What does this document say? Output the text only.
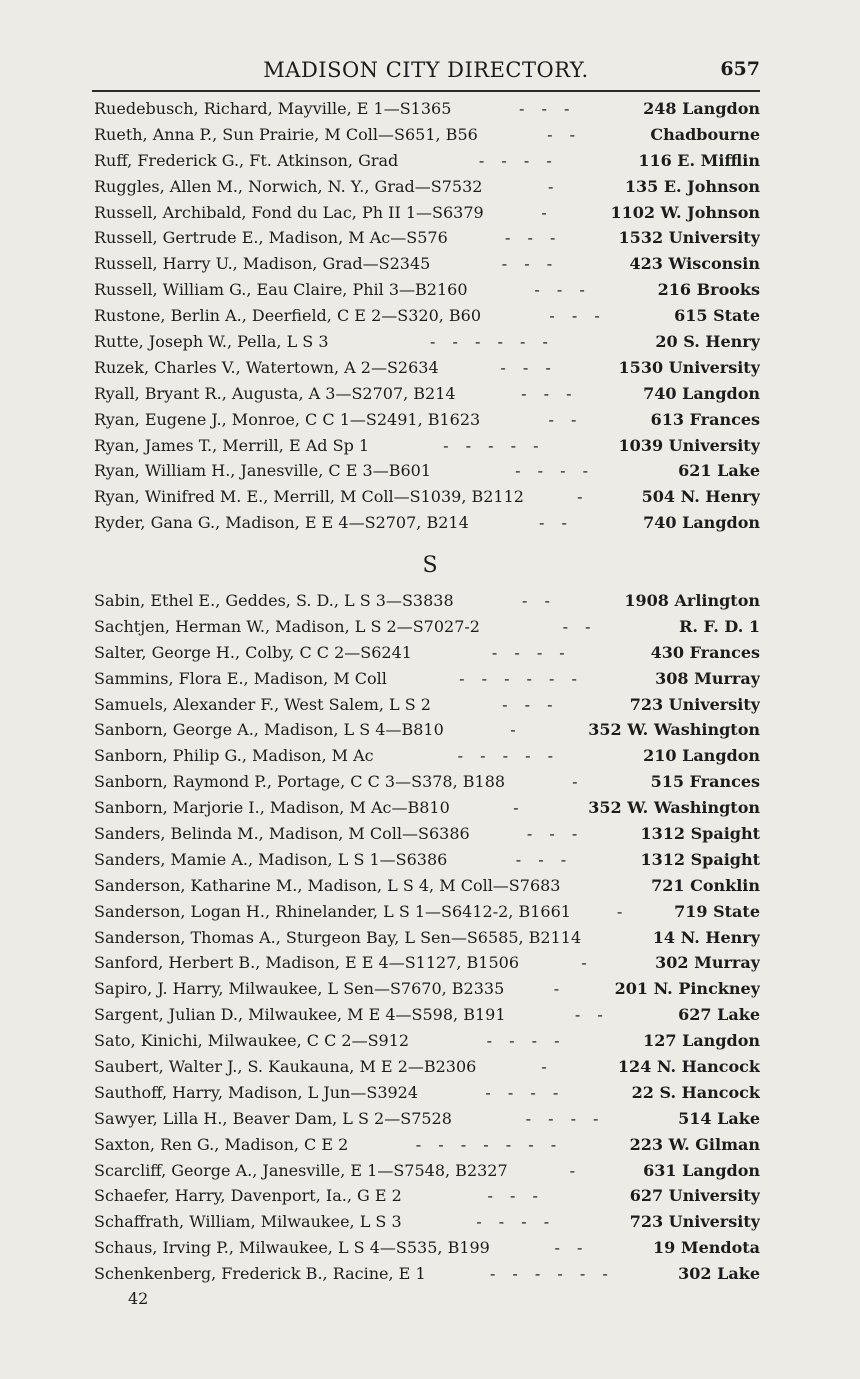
MADISON CITY DIRECTORY.	657
Ruedebusch, Richard, Mayville, E 1—S1365	- - -	248 Langdon
Rueth, Anna P., Sun Prairie, M Coll—S651, B56	- -	Chadbourne
Ruff, Frederick G., Ft. Atkinson, Grad	- - - -	116 E. Mifflin
Ruggles, Allen M., Norwich, N. Y., Grad—S7532	-	135 E. Johnson
Russell, Archibald, Fond du Lac, Ph II 1—S6379	-	1102 W. Johnson
Russell, Gertrude E., Madison, M Ac—S576	- - -	1532 University
Russell, Harry U., Madison, Grad—S2345	- - -	423 Wisconsin
Russell, William G., Eau Claire, Phil 3—B2160	- - -	216 Brooks
Rustone, Berlin A., Deerfield, C E 2—S320, B60	- - -	615 State
Rutte, Joseph W., Pella, L S 3	- - - - - -	20 S. Henry
Ruzek, Charles V., Watertown, A 2—S2634	- - -	1530 University
Ryall, Bryant R., Augusta, A 3—S2707, B214	- - -	740 Langdon
Ryan, Eugene J., Monroe, C C 1—S2491, B1623	- -	613 Frances
Ryan, James T., Merrill, E Ad Sp 1	- - - - -	1039 University
Ryan, William H., Janesville, C E 3—B601	- - - -	621 Lake
Ryan, Winifred M. E., Merrill, M Coll—S1039, B2112	-	504 N. Henry
Ryder, Gana G., Madison, E E 4—S2707, B214	- -	740 Langdon
S
Sabin, Ethel E., Geddes, S. D., L S 3—S3838	- -	1908 Arlington
Sachtjen, Herman W., Madison, L S 2—S7027-2	- -	R. F. D. 1
Salter, George H., Colby, C C 2—S6241	- - - -	430 Frances
Sammins, Flora E., Madison, M Coll	- - - - - -	308 Murray
Samuels, Alexander F., West Salem, L S 2	- - -	723 University
Sanborn, George A., Madison, L S 4—B810	-	352 W. Washington
Sanborn, Philip G., Madison, M Ac	- - - - -	210 Langdon
Sanborn, Raymond P., Portage, C C 3—S378, B188	-	515 Frances
Sanborn, Marjorie I., Madison, M Ac—B810	-	352 W. Washington
Sanders, Belinda M., Madison, M Coll—S6386	- - -	1312 Spaight
Sanders, Mamie A., Madison, L S 1—S6386	- - -	1312 Spaight
Sanderson, Katharine M., Madison, L S 4, M Coll—S7683	721 Conklin
Sanderson, Logan H., Rhinelander, L S 1—S6412-2, B1661	-	719 State
Sanderson, Thomas A., Sturgeon Bay, L Sen—S6585, B2114	14 N. Henry
Sanford, Herbert B., Madison, E E 4—S1127, B1506	-	302 Murray
Sapiro, J. Harry, Milwaukee, L Sen—S7670, B2335	-	201 N. Pinckney
Sargent, Julian D., Milwaukee, M E 4—S598, B191	- -	627 Lake
Sato, Kinichi, Milwaukee, C C 2—S912	- - - -	127 Langdon
Saubert, Walter J., S. Kaukauna, M E 2—B2306	-	124 N. Hancock
Sauthoff, Harry, Madison, L Jun—S3924	- - - -	22 S. Hancock
Sawyer, Lilla H., Beaver Dam, L S 2—S7528	- - - -	514 Lake
Saxton, Ren G., Madison, C E 2	- - - - - - -	223 W. Gilman
Scarcliff, George A., Janesville, E 1—S7548, B2327	-	631 Langdon
Schaefer, Harry, Davenport, Ia., G E 2	- - -	627 University
Schaffrath, William, Milwaukee, L S 3	- - - -	723 University
Schaus, Irving P., Milwaukee, L S 4—S535, B199	- -	19 Mendota
Schenkenberg, Frederick B., Racine, E 1	- - - - - -	302 Lake
42
